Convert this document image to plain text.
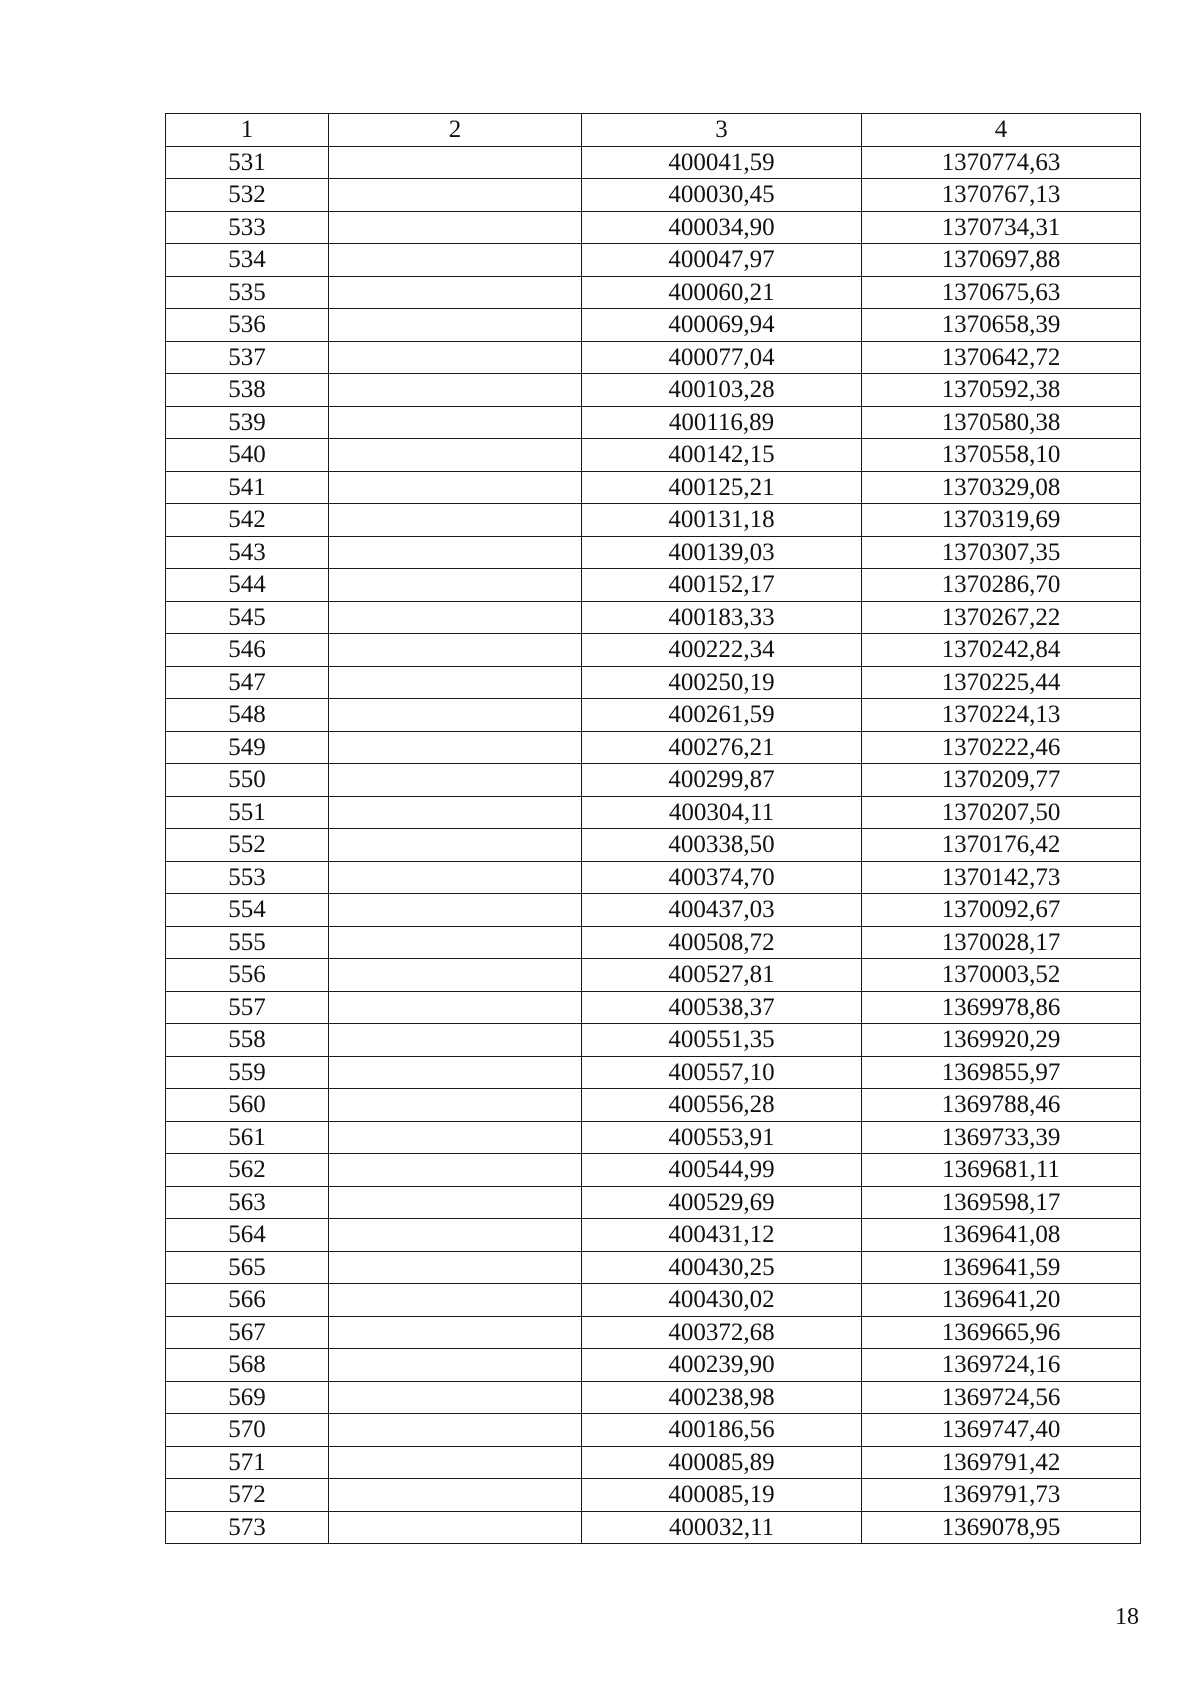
1	2	3	4
531		400041,59	1370774,63
532		400030,45	1370767,13
533		400034,90	1370734,31
534		400047,97	1370697,88
535		400060,21	1370675,63
536		400069,94	1370658,39
537		400077,04	1370642,72
538		400103,28	1370592,38
539		400116,89	1370580,38
540		400142,15	1370558,10
541		400125,21	1370329,08
542		400131,18	1370319,69
543		400139,03	1370307,35
544		400152,17	1370286,70
545		400183,33	1370267,22
546		400222,34	1370242,84
547		400250,19	1370225,44
548		400261,59	1370224,13
549		400276,21	1370222,46
550		400299,87	1370209,77
551		400304,11	1370207,50
552		400338,50	1370176,42
553		400374,70	1370142,73
554		400437,03	1370092,67
555		400508,72	1370028,17
556		400527,81	1370003,52
557		400538,37	1369978,86
558		400551,35	1369920,29
559		400557,10	1369855,97
560		400556,28	1369788,46
561		400553,91	1369733,39
562		400544,99	1369681,11
563		400529,69	1369598,17
564		400431,12	1369641,08
565		400430,25	1369641,59
566		400430,02	1369641,20
567		400372,68	1369665,96
568		400239,90	1369724,16
569		400238,98	1369724,56
570		400186,56	1369747,40
571		400085,89	1369791,42
572		400085,19	1369791,73
573		400032,11	1369078,95
18
